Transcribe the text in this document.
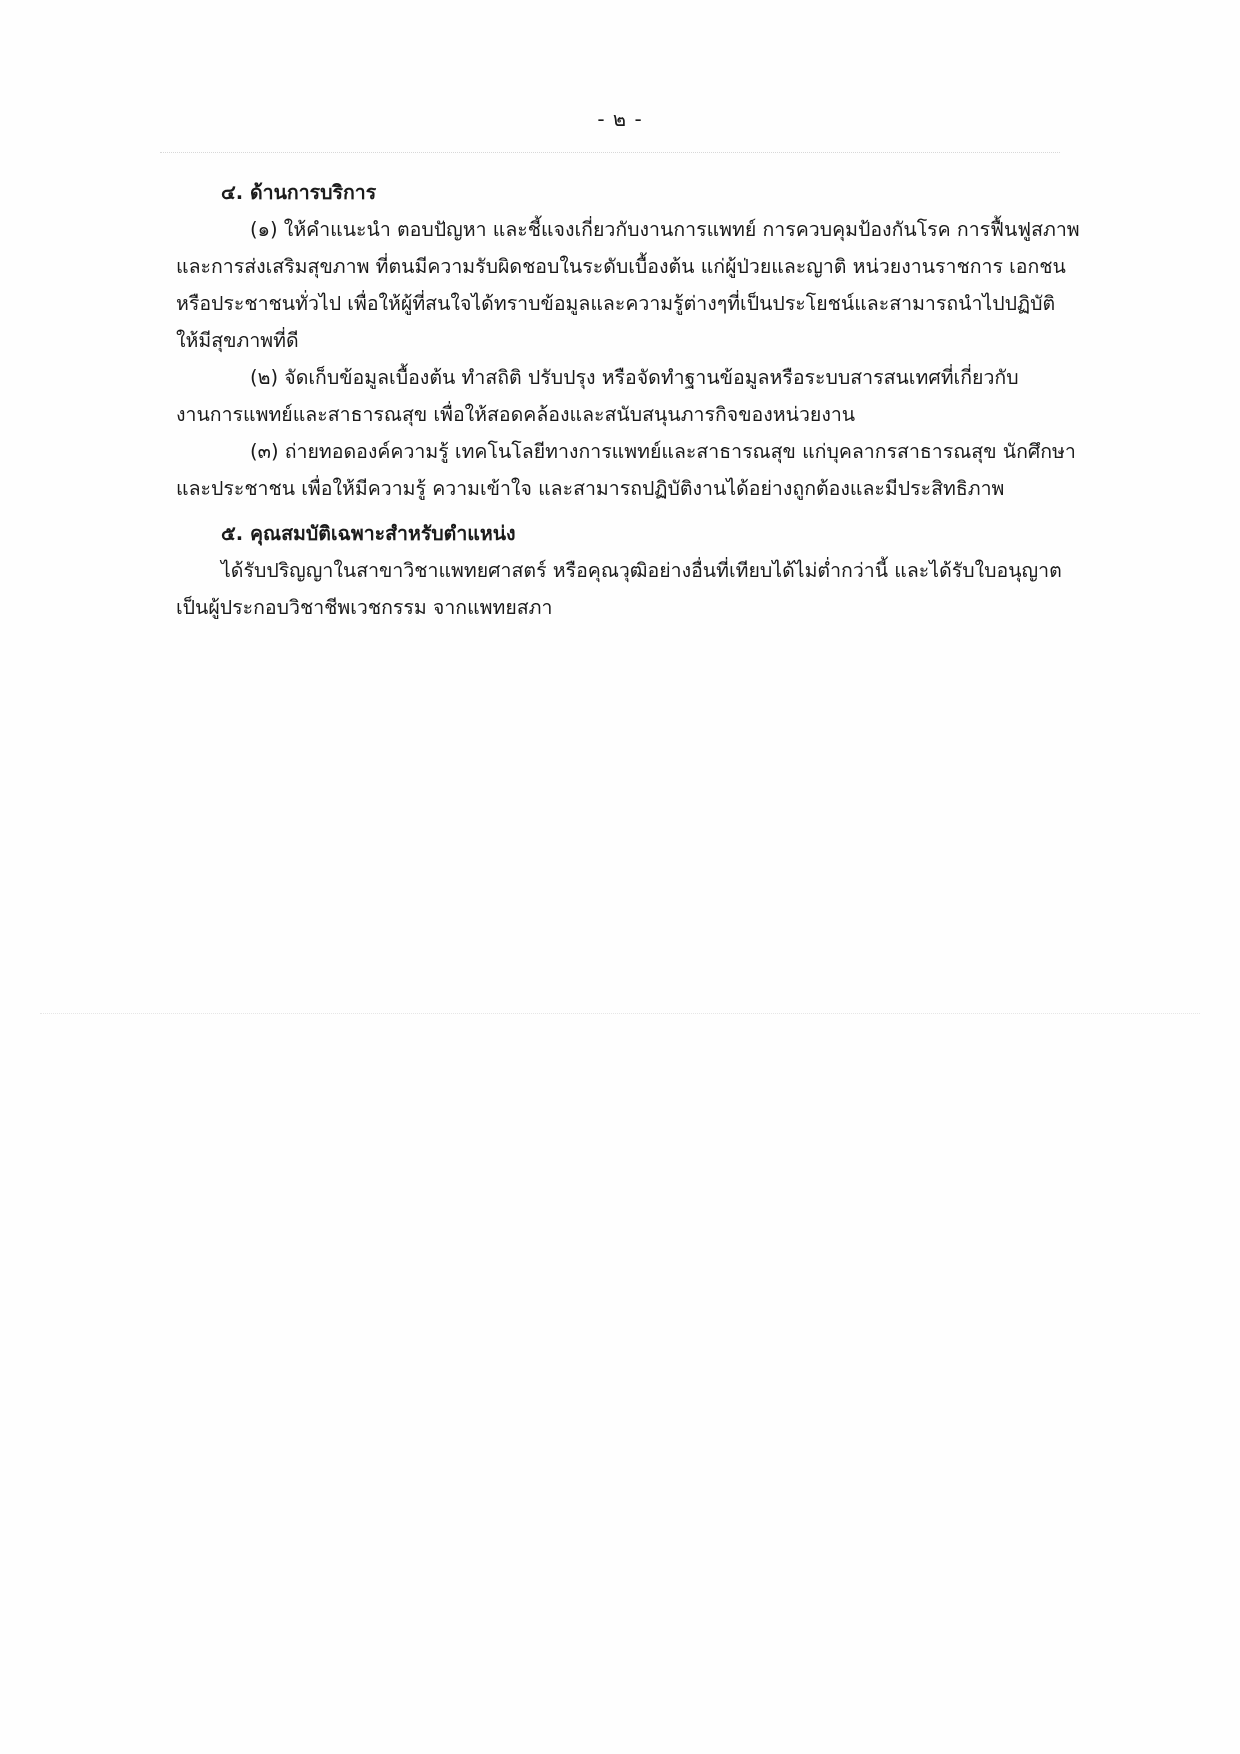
- ๒ -
๔. ด้านการบริการ
(๑) ให้คำแนะนำ ตอบปัญหา และชี้แจงเกี่ยวกับงานการแพทย์ การควบคุมป้องกันโรค การฟื้นฟูสภาพ
และการส่งเสริมสุขภาพ ที่ตนมีความรับผิดชอบในระดับเบื้องต้น แก่ผู้ป่วยและญาติ หน่วยงานราชการ เอกชน
หรือประชาชนทั่วไป เพื่อให้ผู้ที่สนใจได้ทราบข้อมูลและความรู้ต่างๆที่เป็นประโยชน์และสามารถนำไปปฏิบัติ
ให้มีสุขภาพที่ดี
(๒) จัดเก็บข้อมูลเบื้องต้น ทำสถิติ ปรับปรุง หรือจัดทำฐานข้อมูลหรือระบบสารสนเทศที่เกี่ยวกับ
งานการแพทย์และสาธารณสุข เพื่อให้สอดคล้องและสนับสนุนภารกิจของหน่วยงาน
(๓) ถ่ายทอดองค์ความรู้ เทคโนโลยีทางการแพทย์และสาธารณสุข แก่บุคลากรสาธารณสุข นักศึกษา
และประชาชน เพื่อให้มีความรู้ ความเข้าใจ และสามารถปฏิบัติงานได้อย่างถูกต้องและมีประสิทธิภาพ
๕. คุณสมบัติเฉพาะสำหรับตำแหน่ง
ได้รับปริญญาในสาขาวิชาแพทยศาสตร์ หรือคุณวุฒิอย่างอื่นที่เทียบได้ไม่ต่ำกว่านี้ และได้รับใบอนุญาต
เป็นผู้ประกอบวิชาชีพเวชกรรม จากแพทยสภา
